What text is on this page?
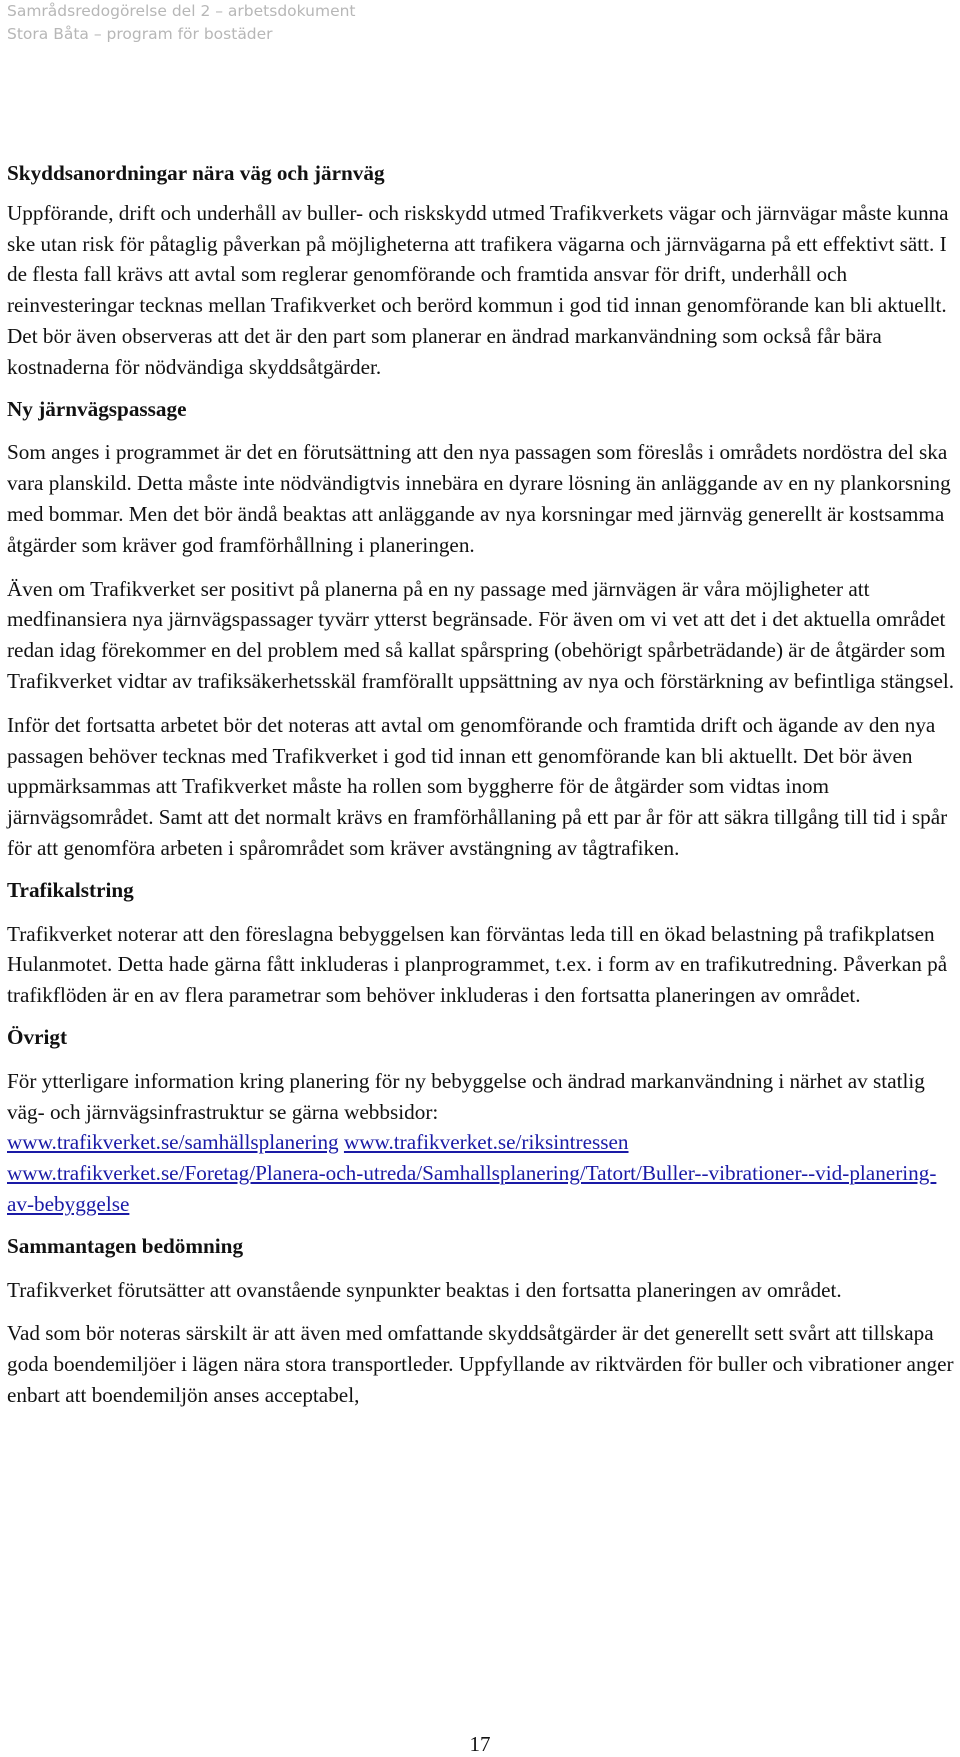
Samrådsredogörelse del 2 – arbetsdokument
Stora Båta – program för bostäder
Skyddsanordningar nära väg och järnväg

Uppförande, drift och underhåll av buller- och riskskydd utmed Trafikverkets vägar och järnvägar måste kunna ske utan risk för påtaglig påverkan på möjligheterna att trafikera vägarna och järnvägarna på ett effektivt sätt. I de flesta fall krävs att avtal som reglerar genomförande och framtida ansvar för drift, underhåll och reinvesteringar tecknas mellan Trafikverket och berörd kommun i god tid innan genomförande kan bli aktuellt. Det bör även observeras att det är den part som planerar en ändrad markanvändning som också får bära kostnaderna för nödvändiga skyddsåtgärder.

Ny järnvägspassage

Som anges i programmet är det en förutsättning att den nya passagen som föreslås i områdets nordöstra del ska vara planskild. Detta måste inte nödvändigtvis innebära en dyrare lösning än anläggande av en ny plankorsning med bommar. Men det bör ändå beaktas att anläggande av nya korsningar med järnväg generellt är kostsamma åtgärder som kräver god framförhållning i planeringen.

Även om Trafikverket ser positivt på planerna på en ny passage med järnvägen är våra möjligheter att medfinansiera nya järnvägspassager tyvärr ytterst begränsade. För även om vi vet att det i det aktuella området redan idag förekommer en del problem med så kallat spårspring (obehörigt spårbeträdande) är de åtgärder som Trafikverket vidtar av trafiksäkerhetsskäl framförallt uppsättning av nya och förstärkning av befintliga stängsel.

Inför det fortsatta arbetet bör det noteras att avtal om genomförande och framtida drift och ägande av den nya passagen behöver tecknas med Trafikverket i god tid innan ett genomförande kan bli aktuellt. Det bör även uppmärksammas att Trafikverket måste ha rollen som byggherre för de åtgärder som vidtas inom järnvägsområdet. Samt att det normalt krävs en framförhållaning på ett par år för att säkra tillgång till tid i spår för att genomföra arbeten i spårområdet som kräver avstängning av tågtrafiken.

Trafikalstring

Trafikverket noterar att den föreslagna bebyggelsen kan förväntas leda till en ökad belastning på trafikplatsen Hulanmotet. Detta hade gärna fått inkluderas i planprogrammet, t.ex. i form av en trafikutredning. Påverkan på trafikflöden är en av flera parametrar som behöver inkluderas i den fortsatta planeringen av området.

Övrigt

För ytterligare information kring planering för ny bebyggelse och ändrad markanvändning i närhet av statlig väg- och järnvägsinfrastruktur se gärna webbsidor:
www.trafikverket.se/samhällsplanering www.trafikverket.se/riksintressen
www.trafikverket.se/Foretag/Planera-och-utreda/Samhallsplanering/Tatort/Buller--vibrationer--vid-planering-av-bebyggelse

Sammantagen bedömning

Trafikverket förutsätter att ovanstående synpunkter beaktas i den fortsatta planeringen av området.

Vad som bör noteras särskilt är att även med omfattande skyddsåtgärder är det generellt sett svårt att tillskapa goda boendemiljöer i lägen nära stora transportleder. Uppfyllande av riktvärden för buller och vibrationer anger enbart att boendemiljön anses acceptabel,

17
